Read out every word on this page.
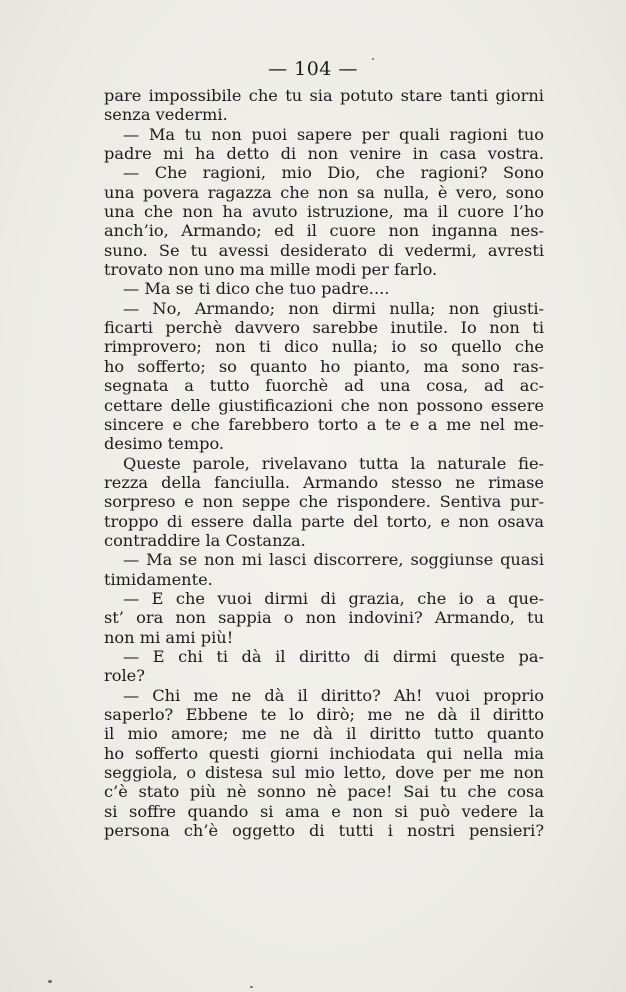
— 104 —
pare impossibile che tu sia potuto stare tanti giorni
senza vedermi.
— Ma tu non puoi sapere per quali ragioni tuo
padre mi ha detto di non venire in casa vostra.
— Che ragioni, mio Dio, che ragioni? Sono
una povera ragazza che non sa nulla, è vero, sono
una che non ha avuto istruzione, ma il cuore l’ho
anch’io, Armando; ed il cuore non inganna nes-
suno. Se tu avessi desiderato di vedermi, avresti
trovato non uno ma mille modi per farlo.
— Ma se ti dico che tuo padre....
— No, Armando; non dirmi nulla; non giusti-
ficarti perchè davvero sarebbe inutile. Io non ti
rimprovero; non ti dico nulla; io so quello che
ho sofferto; so quanto ho pianto, ma sono ras-
segnata a tutto fuorchè ad una cosa, ad ac-
cettare delle giustificazioni che non possono essere
sincere e che farebbero torto a te e a me nel me-
desimo tempo.
Queste parole, rivelavano tutta la naturale fie-
rezza della fanciulla. Armando stesso ne rimase
sorpreso e non seppe che rispondere. Sentiva pur-
troppo di essere dalla parte del torto, e non osava
contraddire la Costanza.
— Ma se non mi lasci discorrere, soggiunse quasi
timidamente.
— E che vuoi dirmi di grazia, che io a que-
st’ ora non sappia o non indovini? Armando, tu
non mi ami più!
— E chi ti dà il diritto di dirmi queste pa-
role?
— Chi me ne dà il diritto? Ah! vuoi proprio
saperlo? Ebbene te lo dirò; me ne dà il diritto
il mio amore; me ne dà il diritto tutto quanto
ho sofferto questi giorni inchiodata qui nella mia
seggiola, o distesa sul mio letto, dove per me non
c’è stato più nè sonno nè pace! Sai tu che cosa
si soffre quando si ama e non si può vedere la
persona ch’è oggetto di tutti i nostri pensieri?
